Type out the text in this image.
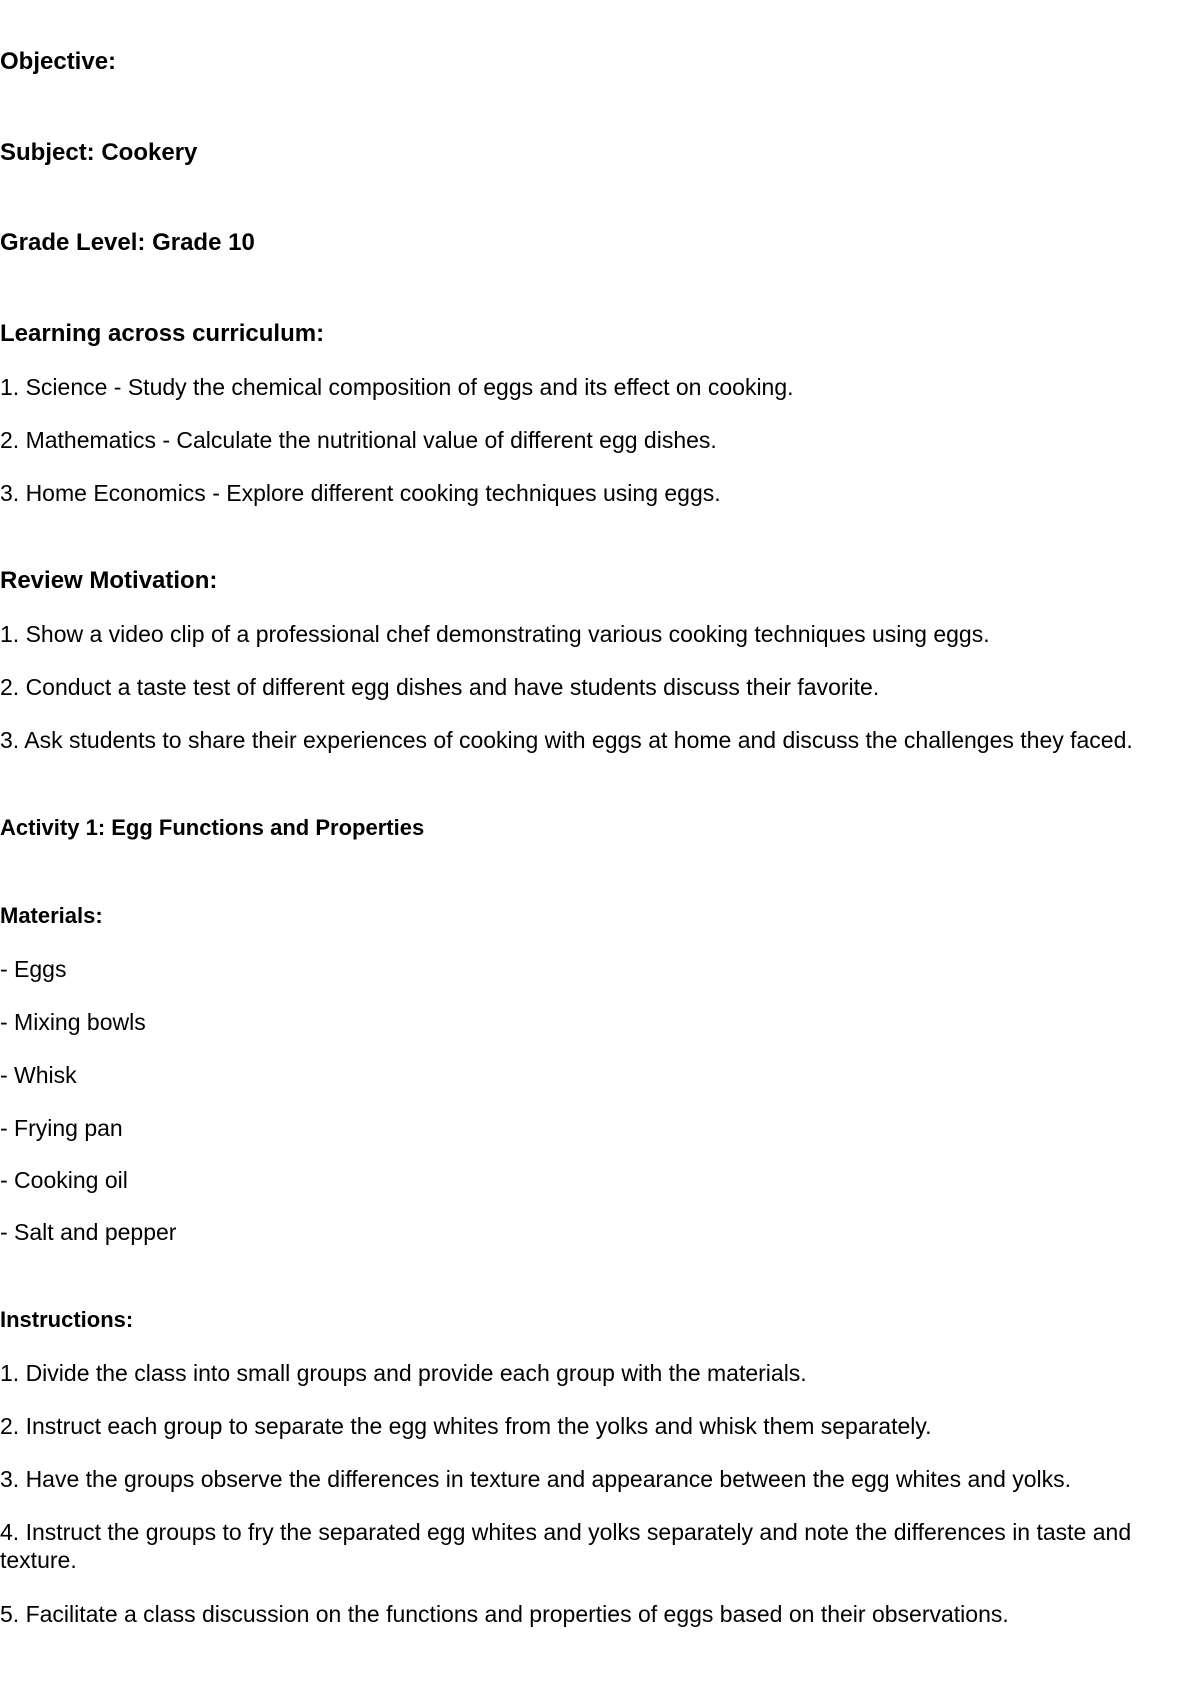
Objective:

Subject: Cookery

Grade Level: Grade 10

Learning across curriculum:

1. Science - Study the chemical composition of eggs and its effect on cooking.

2. Mathematics - Calculate the nutritional value of different egg dishes.

3. Home Economics - Explore different cooking techniques using eggs.

Review Motivation:

1. Show a video clip of a professional chef demonstrating various cooking techniques using eggs.

2. Conduct a taste test of different egg dishes and have students discuss their favorite.

3. Ask students to share their experiences of cooking with eggs at home and discuss the challenges they faced.

Activity 1: Egg Functions and Properties

Materials:

- Eggs

- Mixing bowls

- Whisk

- Frying pan

- Cooking oil

- Salt and pepper

Instructions:

1. Divide the class into small groups and provide each group with the materials.

2. Instruct each group to separate the egg whites from the yolks and whisk them separately.

3. Have the groups observe the differences in texture and appearance between the egg whites and yolks.

4. Instruct the groups to fry the separated egg whites and yolks separately and note the differences in taste and texture.

5. Facilitate a class discussion on the functions and properties of eggs based on their observations.
